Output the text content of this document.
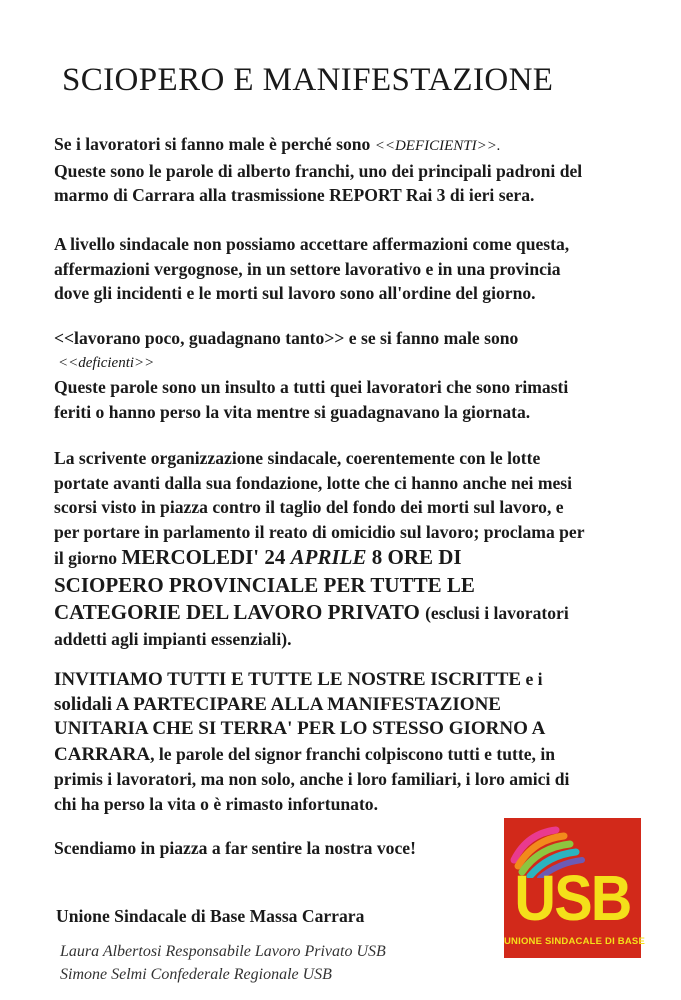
SCIOPERO E MANIFESTAZIONE
Se i lavoratori si fanno male è perché sono <<DEFICIENTI>>.
Queste sono le parole di alberto franchi, uno dei principali padroni del
marmo di Carrara alla trasmissione REPORT Rai 3 di ieri sera.
A livello sindacale non possiamo accettare affermazioni come questa,
affermazioni vergognose, in un settore lavorativo e in una provincia
dove gli incidenti e le morti sul lavoro sono all'ordine del giorno.
<<lavorano poco, guadagnano tanto>> e se si fanno male sono
<<deficienti>>
Queste parole sono un insulto a tutti quei lavoratori che sono rimasti
feriti o hanno perso la vita mentre si guadagnavano la giornata.
La scrivente organizzazione sindacale, coerentemente con le lotte
portate avanti dalla sua fondazione, lotte che ci hanno anche nei mesi
scorsi visto in piazza contro il taglio del fondo dei morti sul lavoro, e
per portare in parlamento il reato di omicidio sul lavoro; proclama per
il giorno MERCOLEDI' 24 APRILE 8 ORE DI
SCIOPERO PROVINCIALE PER TUTTE LE
CATEGORIE DEL LAVORO PRIVATO (esclusi i lavoratori
addetti agli impianti essenziali).
INVITIAMO TUTTI E TUTTE LE NOSTRE ISCRITTE e i
solidali A PARTECIPARE ALLA MANIFESTAZIONE
UNITARIA CHE SI TERRA' PER LO STESSO GIORNO A
CARRARA, le parole del signor franchi colpiscono tutti e tutte, in
primis i lavoratori, ma non solo, anche i loro familiari, i loro amici di
chi ha perso la vita o è rimasto infortunato.
Scendiamo in piazza a far sentire la nostra voce!
Unione Sindacale di Base Massa Carrara
Laura Albertosi Responsabile Lavoro Privato USB
Simone Selmi Confederale Regionale USB
USB
UNIONE SINDACALE DI BASE
